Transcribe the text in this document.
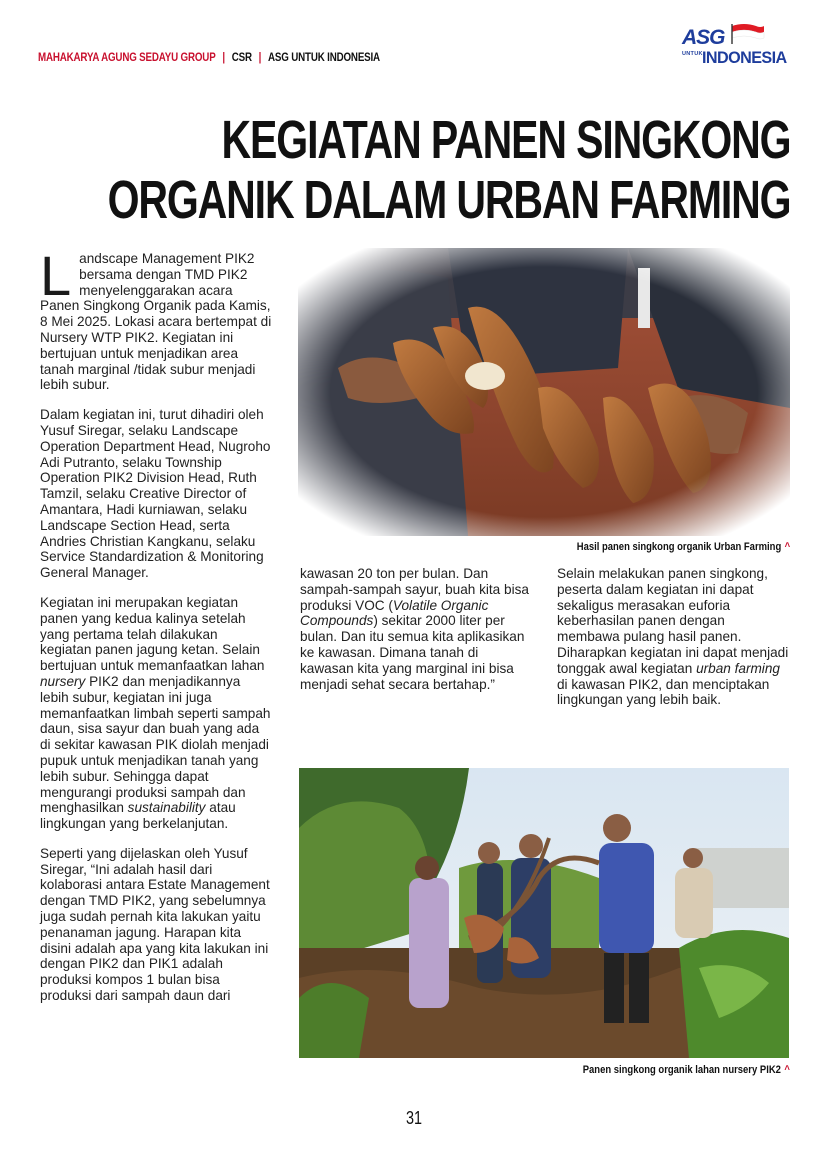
MAHAKARYA AGUNG SEDAYU GROUP | CSR | ASG UNTUK INDONESIA
ASG
UNTUK INDONESIA
KEGIATAN PANEN SINGKONG
ORGANIK DALAM URBAN FARMING

Landscape Management PIK2 bersama dengan TMD PIK2 menyelenggarakan acara Panen Singkong Organik pada Kamis, 8 Mei 2025. Lokasi acara bertempat di Nursery WTP PIK2. Kegiatan ini bertujuan untuk menjadikan area tanah marginal /tidak subur menjadi lebih subur.

Dalam kegiatan ini, turut dihadiri oleh Yusuf Siregar, selaku Landscape Operation Department Head, Nugroho Adi Putranto, selaku Township Operation PIK2 Division Head, Ruth Tamzil, selaku Creative Director of Amantara, Hadi kurniawan, selaku Landscape Section Head, serta Andries Christian Kangkanu, selaku Service Standardization & Monitoring General Manager.

Kegiatan ini merupakan kegiatan panen yang kedua kalinya setelah yang pertama telah dilakukan kegiatan panen jagung ketan. Selain bertujuan untuk memanfaatkan lahan nursery PIK2 dan menjadikannya lebih subur, kegiatan ini juga memanfaatkan limbah seperti sampah daun, sisa sayur dan buah yang ada di sekitar kawasan PIK diolah menjadi pupuk untuk menjadikan tanah yang lebih subur. Sehingga dapat mengurangi produksi sampah dan menghasilkan sustainability atau lingkungan yang berkelanjutan.

Seperti yang dijelaskan oleh Yusuf Siregar, “Ini adalah hasil dari kolaborasi antara Estate Management dengan TMD PIK2, yang sebelumnya juga sudah pernah kita lakukan yaitu penanaman jagung. Harapan kita disini adalah apa yang kita lakukan ini dengan PIK2 dan PIK1 adalah produksi kompos 1 bulan bisa produksi dari sampah daun dari

Hasil panen singkong organik Urban Farming ^

kawasan 20 ton per bulan. Dan sampah-sampah sayur, buah kita bisa produksi VOC (Volatile Organic Compounds) sekitar 2000 liter per bulan. Dan itu semua kita aplikasikan ke kawasan. Dimana tanah di kawasan kita yang marginal ini bisa menjadi sehat secara bertahap.”

Selain melakukan panen singkong, peserta dalam kegiatan ini dapat sekaligus merasakan euforia keberhasilan panen dengan membawa pulang hasil panen. Diharapkan kegiatan ini dapat menjadi tonggak awal kegiatan urban farming di kawasan PIK2, dan menciptakan lingkungan yang lebih baik.

Panen singkong organik lahan nursery PIK2 ^
31
